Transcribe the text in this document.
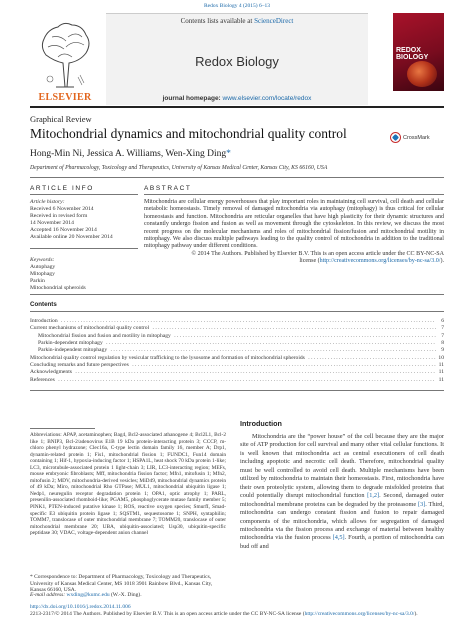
Redox Biology 4 (2015) 6–13
ELSEVIER
Contents lists available at ScienceDirect
Redox Biology
journal homepage: www.elsevier.com/locate/redox
REDOX
BIOLOGY
Graphical Review
Mitochondrial dynamics and mitochondrial quality control	CrossMark
Hong-Min Ni, Jessica A. Williams, Wen-Xing Ding*
Department of Pharmacology, Toxicology and Therapeutics, University of Kansas Medical Center, Kansas City, KS 66160, USA
ARTICLE INFO	ABSTRACT
Article history:
Received 6 November 2014
Received in revised form
14 November 2014
Accepted 16 November 2014
Available online 20 November 2014
Keywords:
Autophagy
Mitophagy
Parkin
Mitochondrial spheroids
Mitochondria are cellular energy powerhouses that play important roles in maintaining cell survival, cell death and cellular metabolic homeostasis. Timely removal of damaged mitochondria via autophagy (mitophagy) is thus critical for cellular homeostasis and function. Mitochondria are reticular organelles that have high plasticity for their dynamic structures and constantly undergo fission and fusion as well as movement through the cytoskeleton. In this review, we discuss the most recent progress on the molecular mechanisms and roles of mitochondrial fission/fusion and mitochondrial motility in mitophagy. We also discuss multiple pathways leading to the quality control of mitochondria in addition to the traditional mitophagy pathway under different conditions.
© 2014 The Authors. Published by Elsevier B.V. This is an open access article under the CC BY-NC-SA
license (http://creativecommons.org/licenses/by-nc-sa/3.0/).
Contents
Introduction . . .	6
Current mechanisms of mitochondrial quality control . . .	7
Mitochondrial fission and fusion and motility in mitophagy . . .	7
Parkin-dependent mitophagy . . .	8
Parkin-independent mitophagy . . .	9
Mitochondrial quality control regulation by vesicular trafficking to the lysosome and formation of mitochondrial spheroids . . .	10
Concluding remarks and future perspectives . . .	11
Acknowledgments . . .	11
References . . .	11
Abbreviations: APAP, acetaminophen; Bag4, Bcl2-associated athanogene 4; Bcl2L1, Bcl-2 like 1; BNIP3, Bcl-2/adenovirus E1B 19 kDa protein-interacting protein 3; CCCP, m-chloro phenyl hydrazone; Clec16a, C-type lectin domain family 16, member A; Drp1, dynamin-related protein 1; Fis1, mitochondrial fission 1; FUNDC1, Fun14 domain containing 1; Hif-1, hypoxia-inducing factor 1; HSPA1L, heat shock 70 kDa protein 1-like; LC3, microtubule-associated protein 1 light-chain 3; LIR, LC3-interacting region; MEFs, mouse embryonic fibroblasts; Mff, mitochondria fission factor; Mfn1, mitofusin 1; Mfn2, mitofusin 2; MDV, mitochondria-derived vesicles; MiD49, mitochondrial dynamics protein of 49 kDa; Miro, mitochondrial Rho GTPase; MUL1, mitochondrial ubiquitin ligase 1; Nedp1, neuregulin receptor degradation protein 1; OPA1, optic atrophy 1; PARL, presenilin-associated rhomboid-like; PGAM5, phosphoglycerate mutase family member 5; PINK1, PTEN-induced putative kinase 1; ROS, reactive oxygen species; SmurfI, Smad-specific E3 ubiquitin protein ligase 1; SQSTM1, sequestosome 1; SNPH, syntaphilin; TOMM7, translocase of outer mitochondrial membrane 7; TOMM20, translocase of outer mitochondrial membrane 20; UBA, ubiquitin-associated; Usp30, ubiquitin-specific peptidase 30; VDAC, voltage-dependent anion channel
* Correspondence to: Department of Pharmacology, Toxicology and Therapeutics, University of Kansas Medical Center, MS 1018 3901 Rainbow Blvd., Kansas City, Kansas 66160, USA.
E-mail address: wxding@kumc.edu (W.-X. Ding).
Introduction
Mitochondria are the “power house” of the cell because they are the major site of ATP production for cell survival and many other vital cellular functions. It is well known that mitochondria act as central executioners of cell death including apoptotic and necrotic cell death. Therefore, mitochondrial quality must be well controlled to avoid cell death. Multiple mechanisms have been utilized by mitochondria to maintain their homeostasis. First, mitochondria have their own proteolytic system, allowing them to degrade misfolded proteins that could potentially disrupt mitochondrial function [1,2]. Second, damaged outer mitochondrial membrane proteins can be degraded by the proteasome [3]. Third, mitochondria can undergo constant fission and fusion to repair damaged components of the mitochondria, which allows for segregation of damaged mitochondria via the fission process and exchange of material between healthy mitochondria via the fusion process [4,5]. Fourth, a portion of mitochondria can bud off and
http://dx.doi.org/10.1016/j.redox.2014.11.006
2213-2317/© 2014 The Authors. Published by Elsevier B.V. This is an open access article under the CC BY-NC-SA license (http://creativecommons.org/licenses/by-nc-sa/3.0/).
